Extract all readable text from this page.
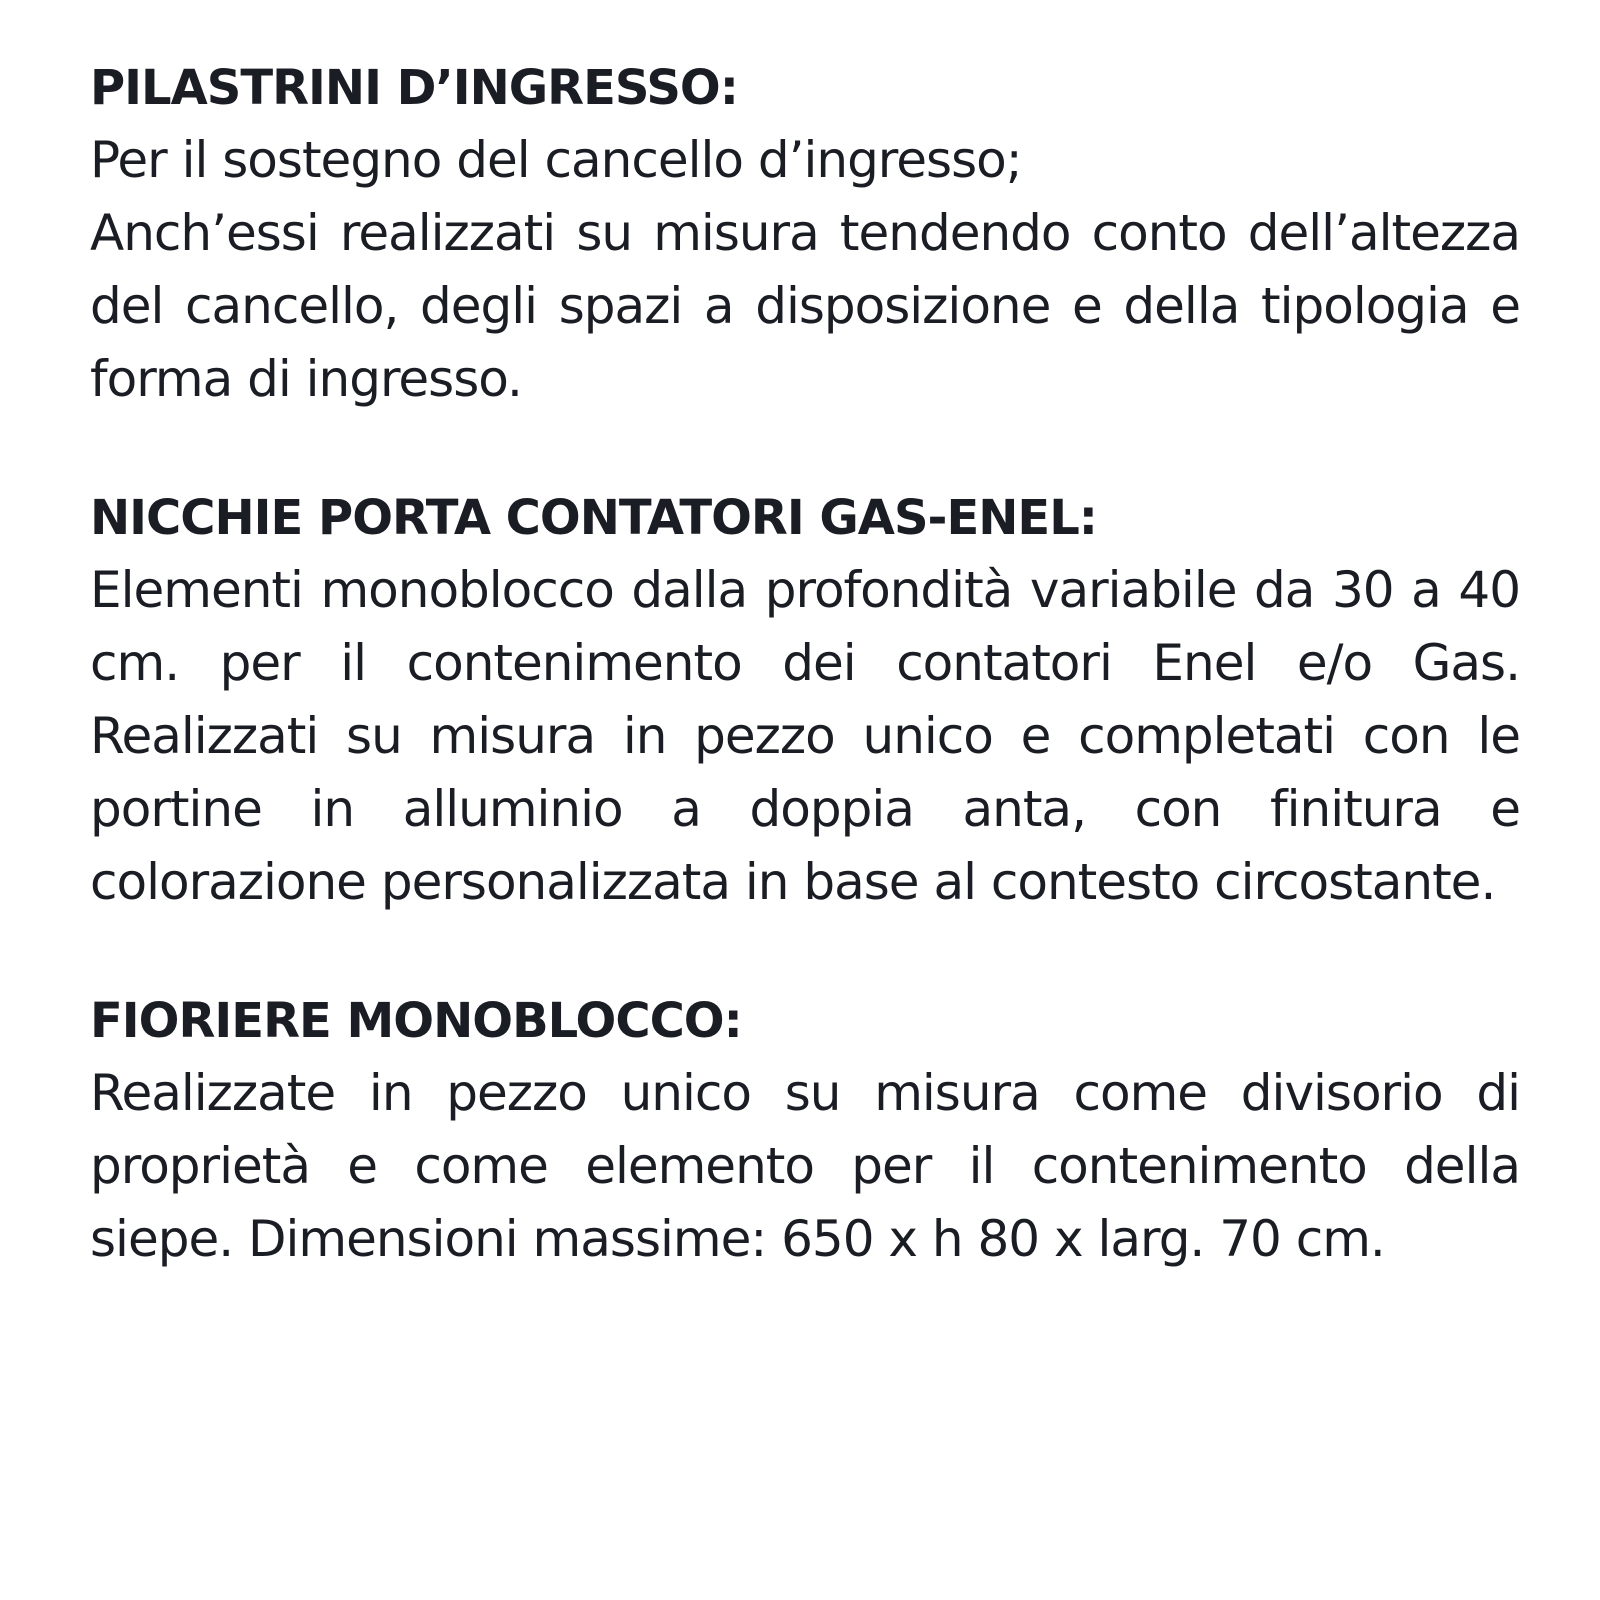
PILASTRINI D’INGRESSO:

Per il sostegno del cancello d’ingresso;

Anch’essi realizzati su misura tendendo conto dell’altezza del cancello, degli spazi a disposizione e della tipologia e forma di ingresso.

NICCHIE PORTA CONTATORI GAS-ENEL:

Elementi monoblocco dalla profondità variabile da 30 a 40 cm. per il contenimento dei contatori Enel e/o Gas. Realizzati su misura in pezzo unico e completati con le portine in alluminio a doppia anta, con finitura e colorazione personalizzata in base al contesto circostante.

FIORIERE MONOBLOCCO:

Realizzate in pezzo unico su misura come divisorio di proprietà e come elemento per il contenimento della siepe. Dimensioni massime: 650 x h 80 x larg. 70 cm.
